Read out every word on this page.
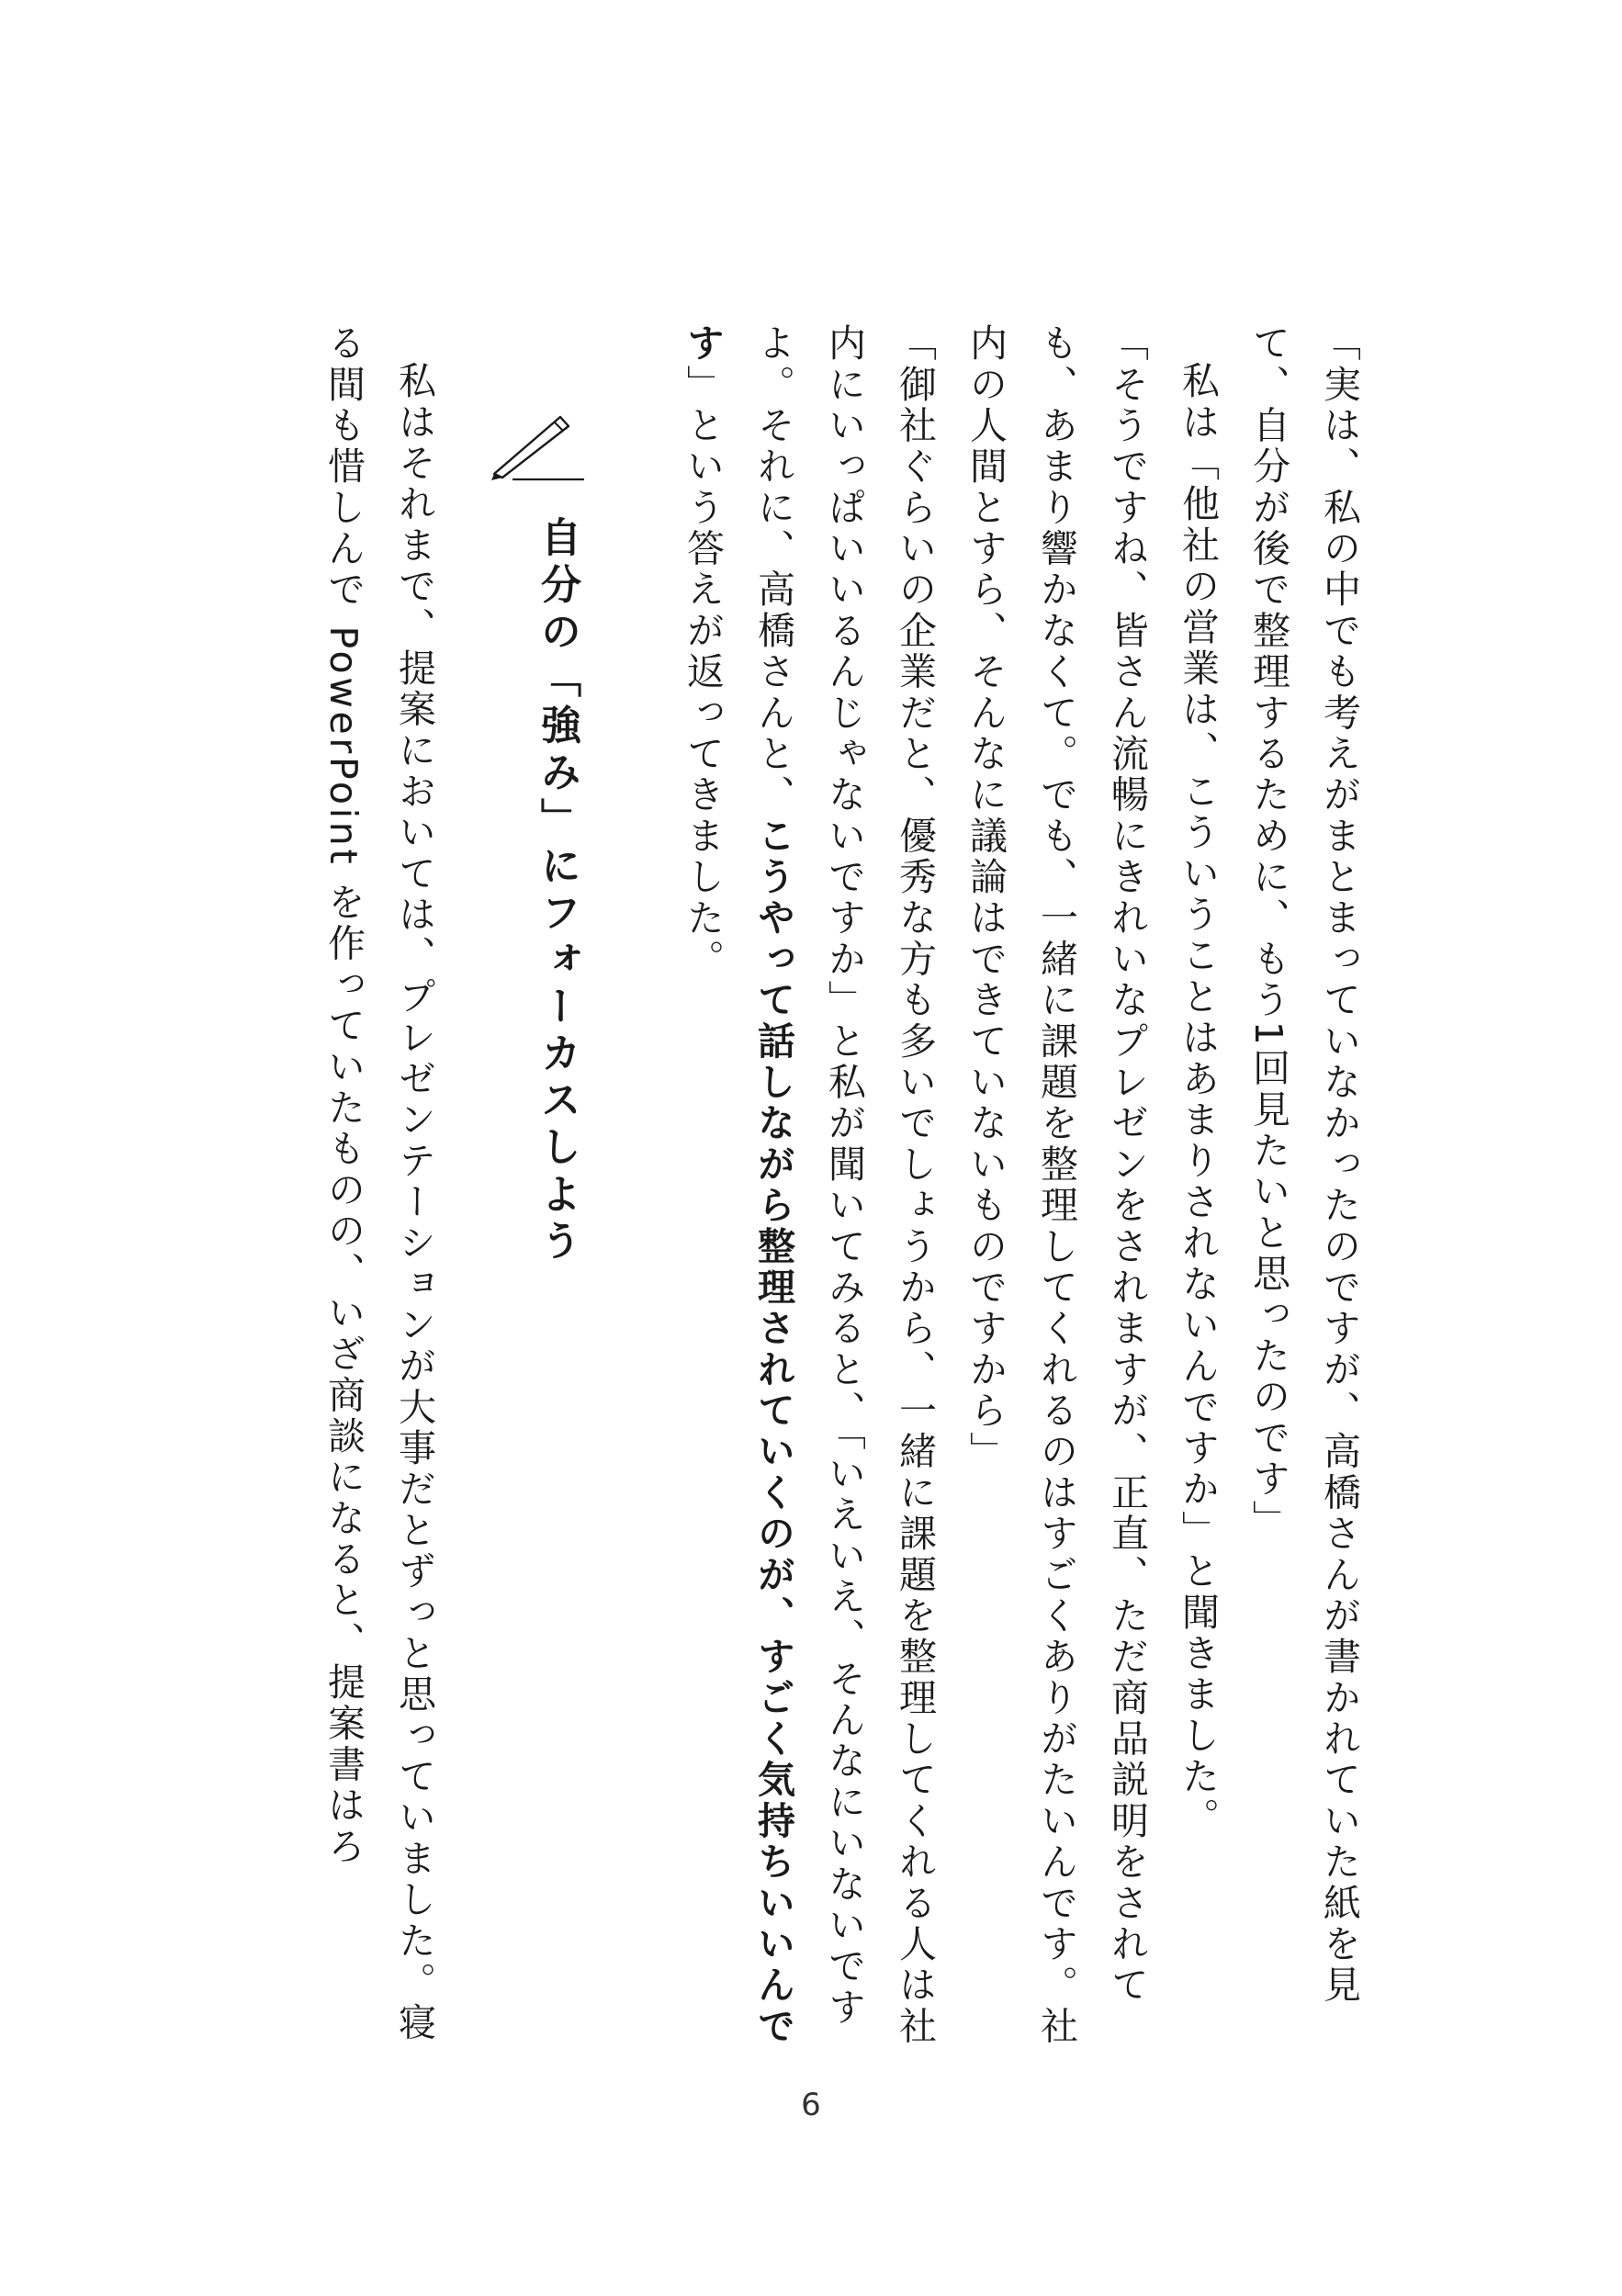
「実は、私の中でも考えがまとまっていなかったのですが、高橋さんが書かれていた紙を見て、自分が後で整理するために、もう1回見たいと思ったのです」

私は「他社の営業は、こういうことはあまりされないんですか」と聞きました。

「そうですね、皆さん流暢にきれいなプレゼンをされますが、正直、ただ商品説明をされても、あまり響かなくて。でも、一緒に課題を整理してくれるのはすごくありがたいんです。社内の人間とすら、そんなに議論はできていないものですから」

「御社ぐらいの企業だと、優秀な方も多いでしょうから、一緒に課題を整理してくれる人は社内にいっぱいいるんじゃないですか」と私が聞いてみると、「いえいえ、そんなにいないですよ。それに、高橋さんと、こうやって話しながら整理されていくのが、すごく気持ちいいんです」という答えが返ってきました。

自分の「強み」にフォーカスしよう

私はそれまで、提案においては、プレゼンテーションが大事だとずっと思っていました。寝る間も惜しんで PowerPoint を作っていたものの、いざ商談になると、提案書はろ

6
